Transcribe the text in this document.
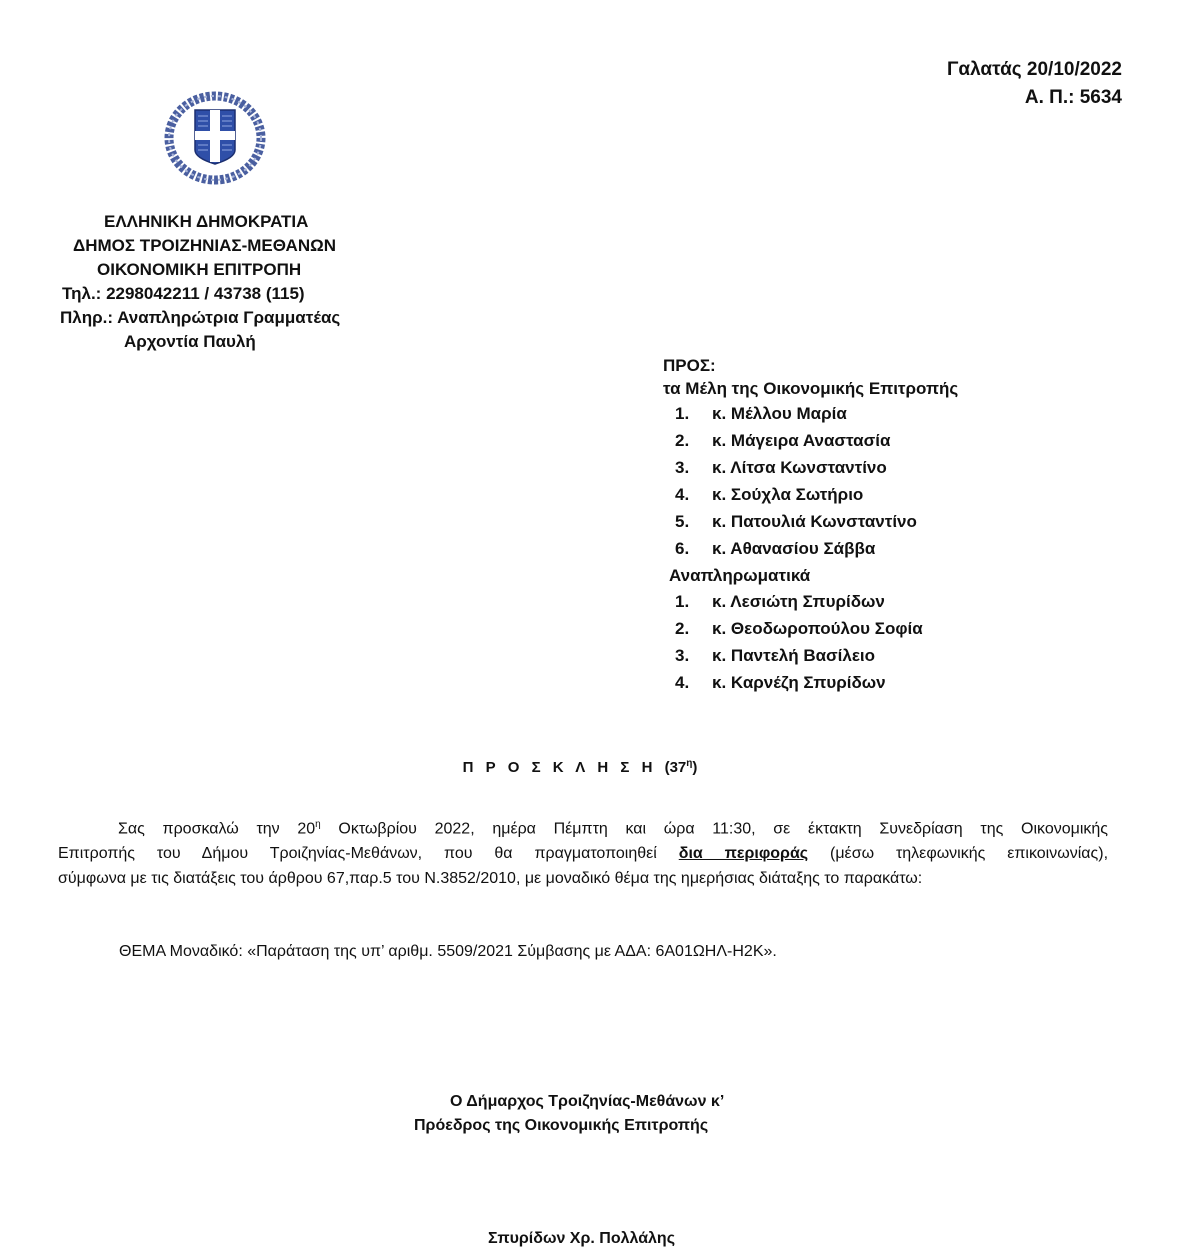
Γαλατάς 20/10/2022
Α. Π.: 5634
ΕΛΛΗΝΙΚΗ ΔΗΜΟΚΡΑΤΙΑ
ΔΗΜΟΣ ΤΡΟΙΖΗΝΙΑΣ-ΜΕΘΑΝΩΝ
ΟΙΚΟΝΟΜΙΚΗ ΕΠΙΤΡΟΠΗ
Τηλ.: 2298042211 / 43738 (115)
Πληρ.: Αναπληρώτρια Γραμματέας
Αρχοντία Παυλή
ΠΡΟΣ:
τα Μέλη της Οικονομικής Επιτροπής
1. κ. Μέλλου Μαρία
2. κ. Μάγειρα Αναστασία
3. κ. Λίτσα Κωνσταντίνο
4. κ. Σούχλα Σωτήριο
5. κ. Πατουλιά Κωνσταντίνο
6. κ. Αθανασίου Σάββα
Αναπληρωματικά
1. κ. Λεσιώτη Σπυρίδων
2. κ. Θεοδωροπούλου Σοφία
3. κ. Παντελή Βασίλειο
4. κ. Καρνέζη Σπυρίδων
Π Ρ Ο Σ Κ Λ Η Σ Η $(37^\eta)$
Σας προσκαλώ την $20^\eta$ Οκτωβρίου 2022, ημέρα Πέμπτη και ώρα 11:30, σε έκτακτη Συνεδρίαση της Οικονομικής
Επιτροπής του Δήμου Τροιζηνίας-Μεθάνων, που θα πραγματοποιηθεί δια περιφοράς (μέσω τηλεφωνικής επικοινωνίας),
σύμφωνα με τις διατάξεις του άρθρου 67,παρ.5 του Ν.3852/2010, με μοναδικό θέμα της ημερήσιας διάταξης το παρακάτω:
ΘΕΜΑ Μοναδικό: «Παράταση της υπ’ αριθμ. 5509/2021 Σύμβασης με ΑΔΑ: 6Α01ΩΗΛ-Η2Κ».
Ο Δήμαρχος Τροιζηνίας-Μεθάνων κ’
Πρόεδρος της Οικονομικής Επιτροπής
Σπυρίδων Χρ. Πολλάλης
